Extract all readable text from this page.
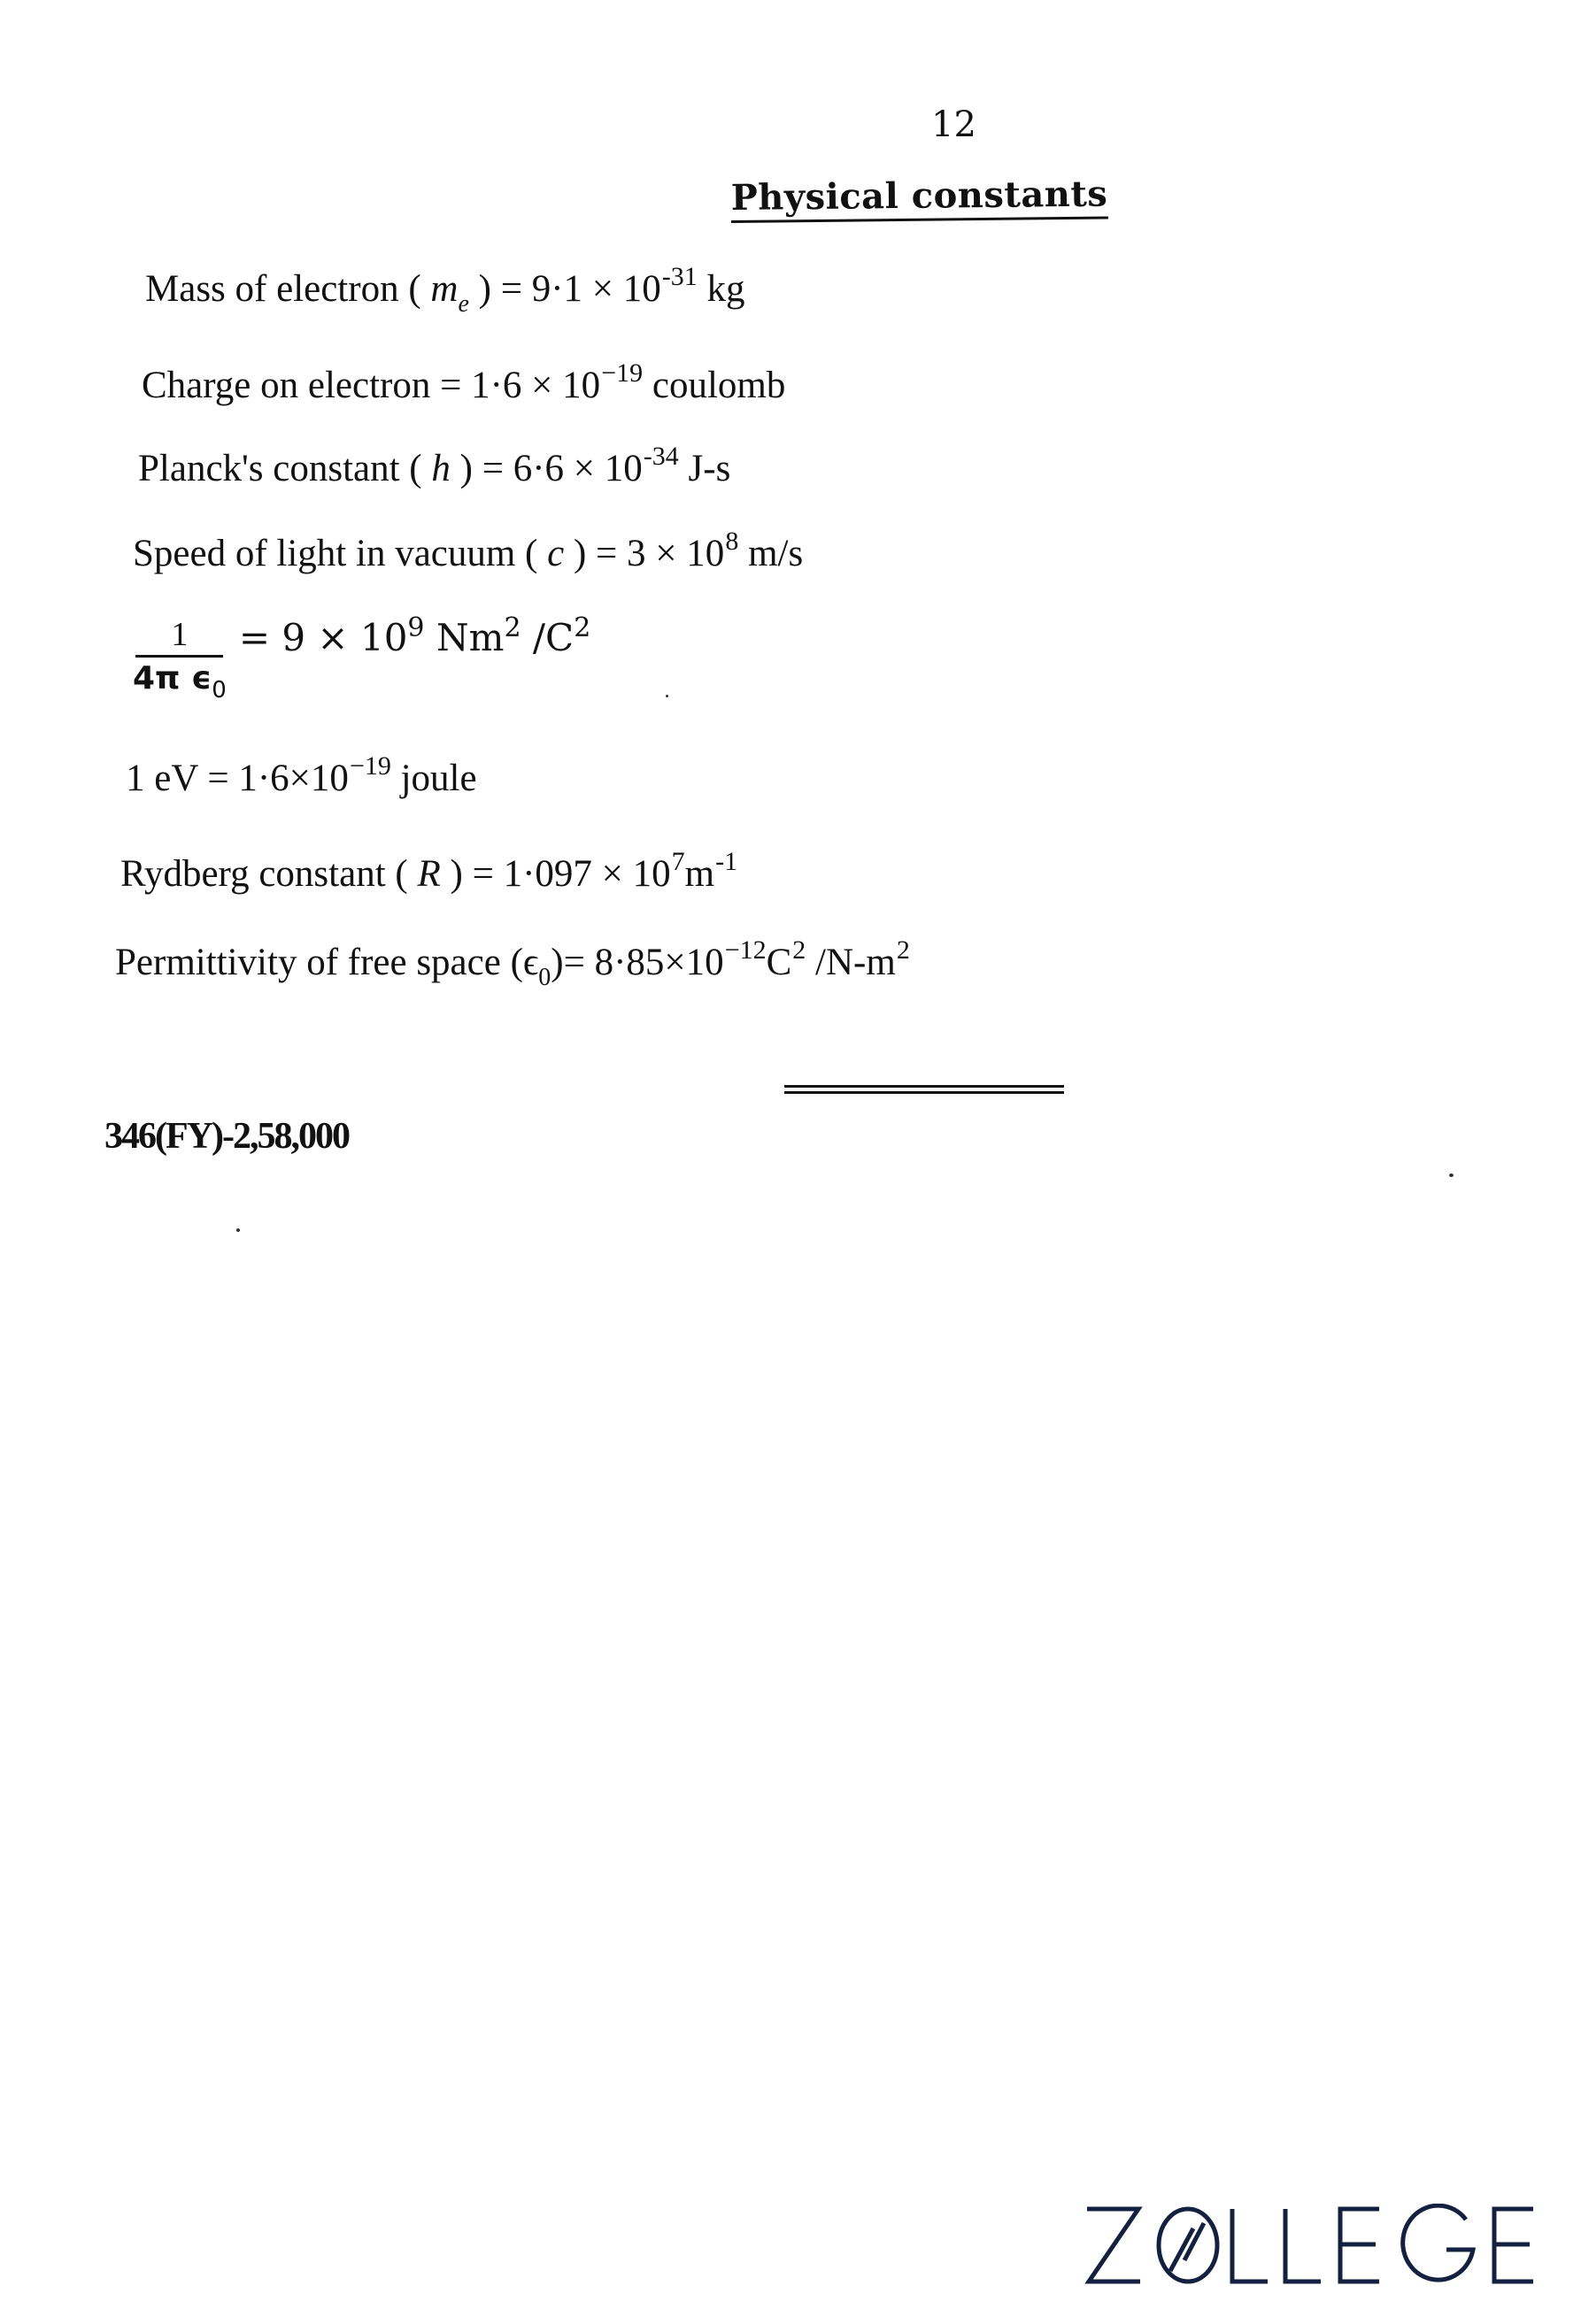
12
Physical constants
Mass of electron ( $m_e$ ) = $9\cdot 1 \times 10^{-31}$ kg
Charge on electron = $1\cdot 6 \times 10^{-19}$ coulomb
Planck's constant ( h ) = $6\cdot 6 \times 10^{-34}$ J-s
Speed of light in vacuum ( c ) = $3 \times 10^8$ m/s
$\frac{1}{4\pi \epsilon_0} = 9 \times 10^9$ Nm$^2$ $/C^2$
1 eV = $1\cdot 6\times 10^{-19}$ joule
Rydberg constant ( R ) = $1\cdot 097 \times 10^7m^{-1}$
Permittivity of free space $(\epsilon_0)= 8\cdot 85\times 10^{-12}C^2$ $/N-m^2$
346(FY)-2,58,000
